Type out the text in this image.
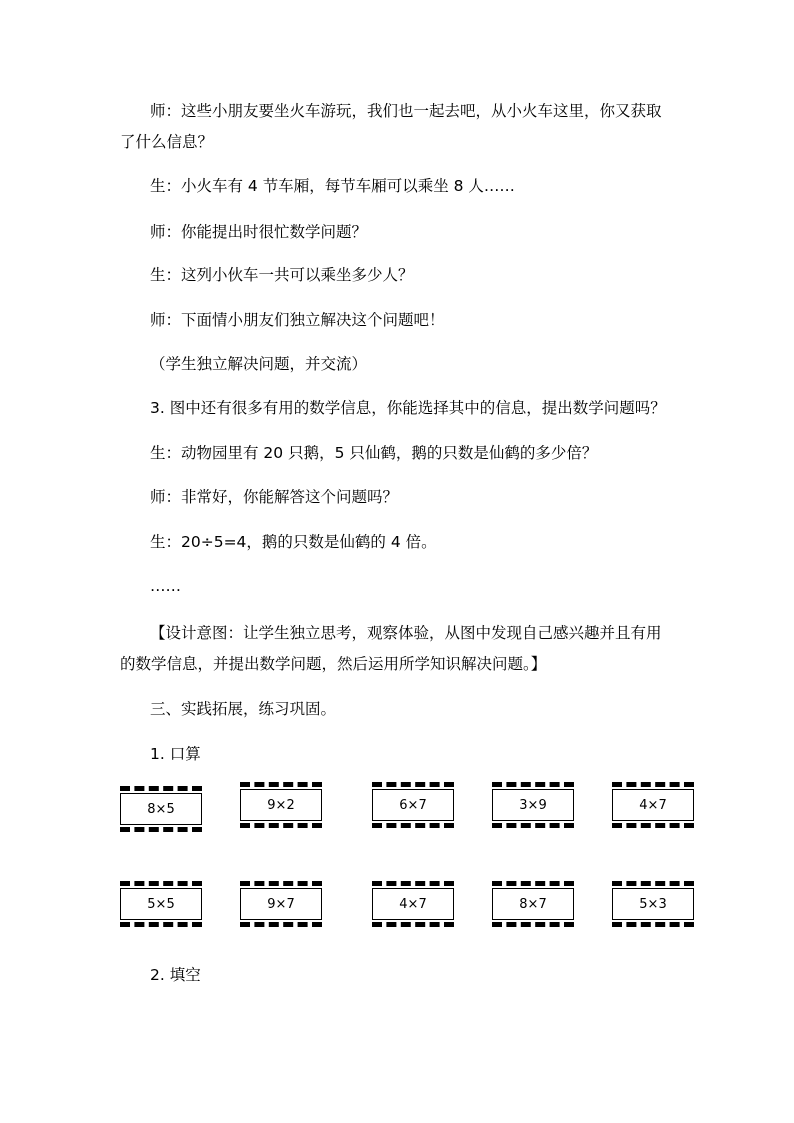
师：这些小朋友要坐火车游玩，我们也一起去吧，从小火车这里，你又获取
了什么信息？
生：小火车有 4 节车厢，每节车厢可以乘坐 8 人……
师：你能提出时很忙数学问题？
生：这列小伙车一共可以乘坐多少人？
师：下面情小朋友们独立解决这个问题吧！
（学生独立解决问题，并交流）
3. 图中还有很多有用的数学信息，你能选择其中的信息，提出数学问题吗？
生：动物园里有 20 只鹅，5 只仙鹤，鹅的只数是仙鹤的多少倍？
师：非常好，你能解答这个问题吗？
生：20÷5=4，鹅的只数是仙鹤的 4 倍。
……
【设计意图：让学生独立思考，观察体验，从图中发现自己感兴趣并且有用
的数学信息，并提出数学问题，然后运用所学知识解决问题。】
三、实践拓展，练习巩固。
1. 口算
8×5	9×2	6×7	3×9	4×7
5×5	9×7	4×7	8×7	5×3
2. 填空
